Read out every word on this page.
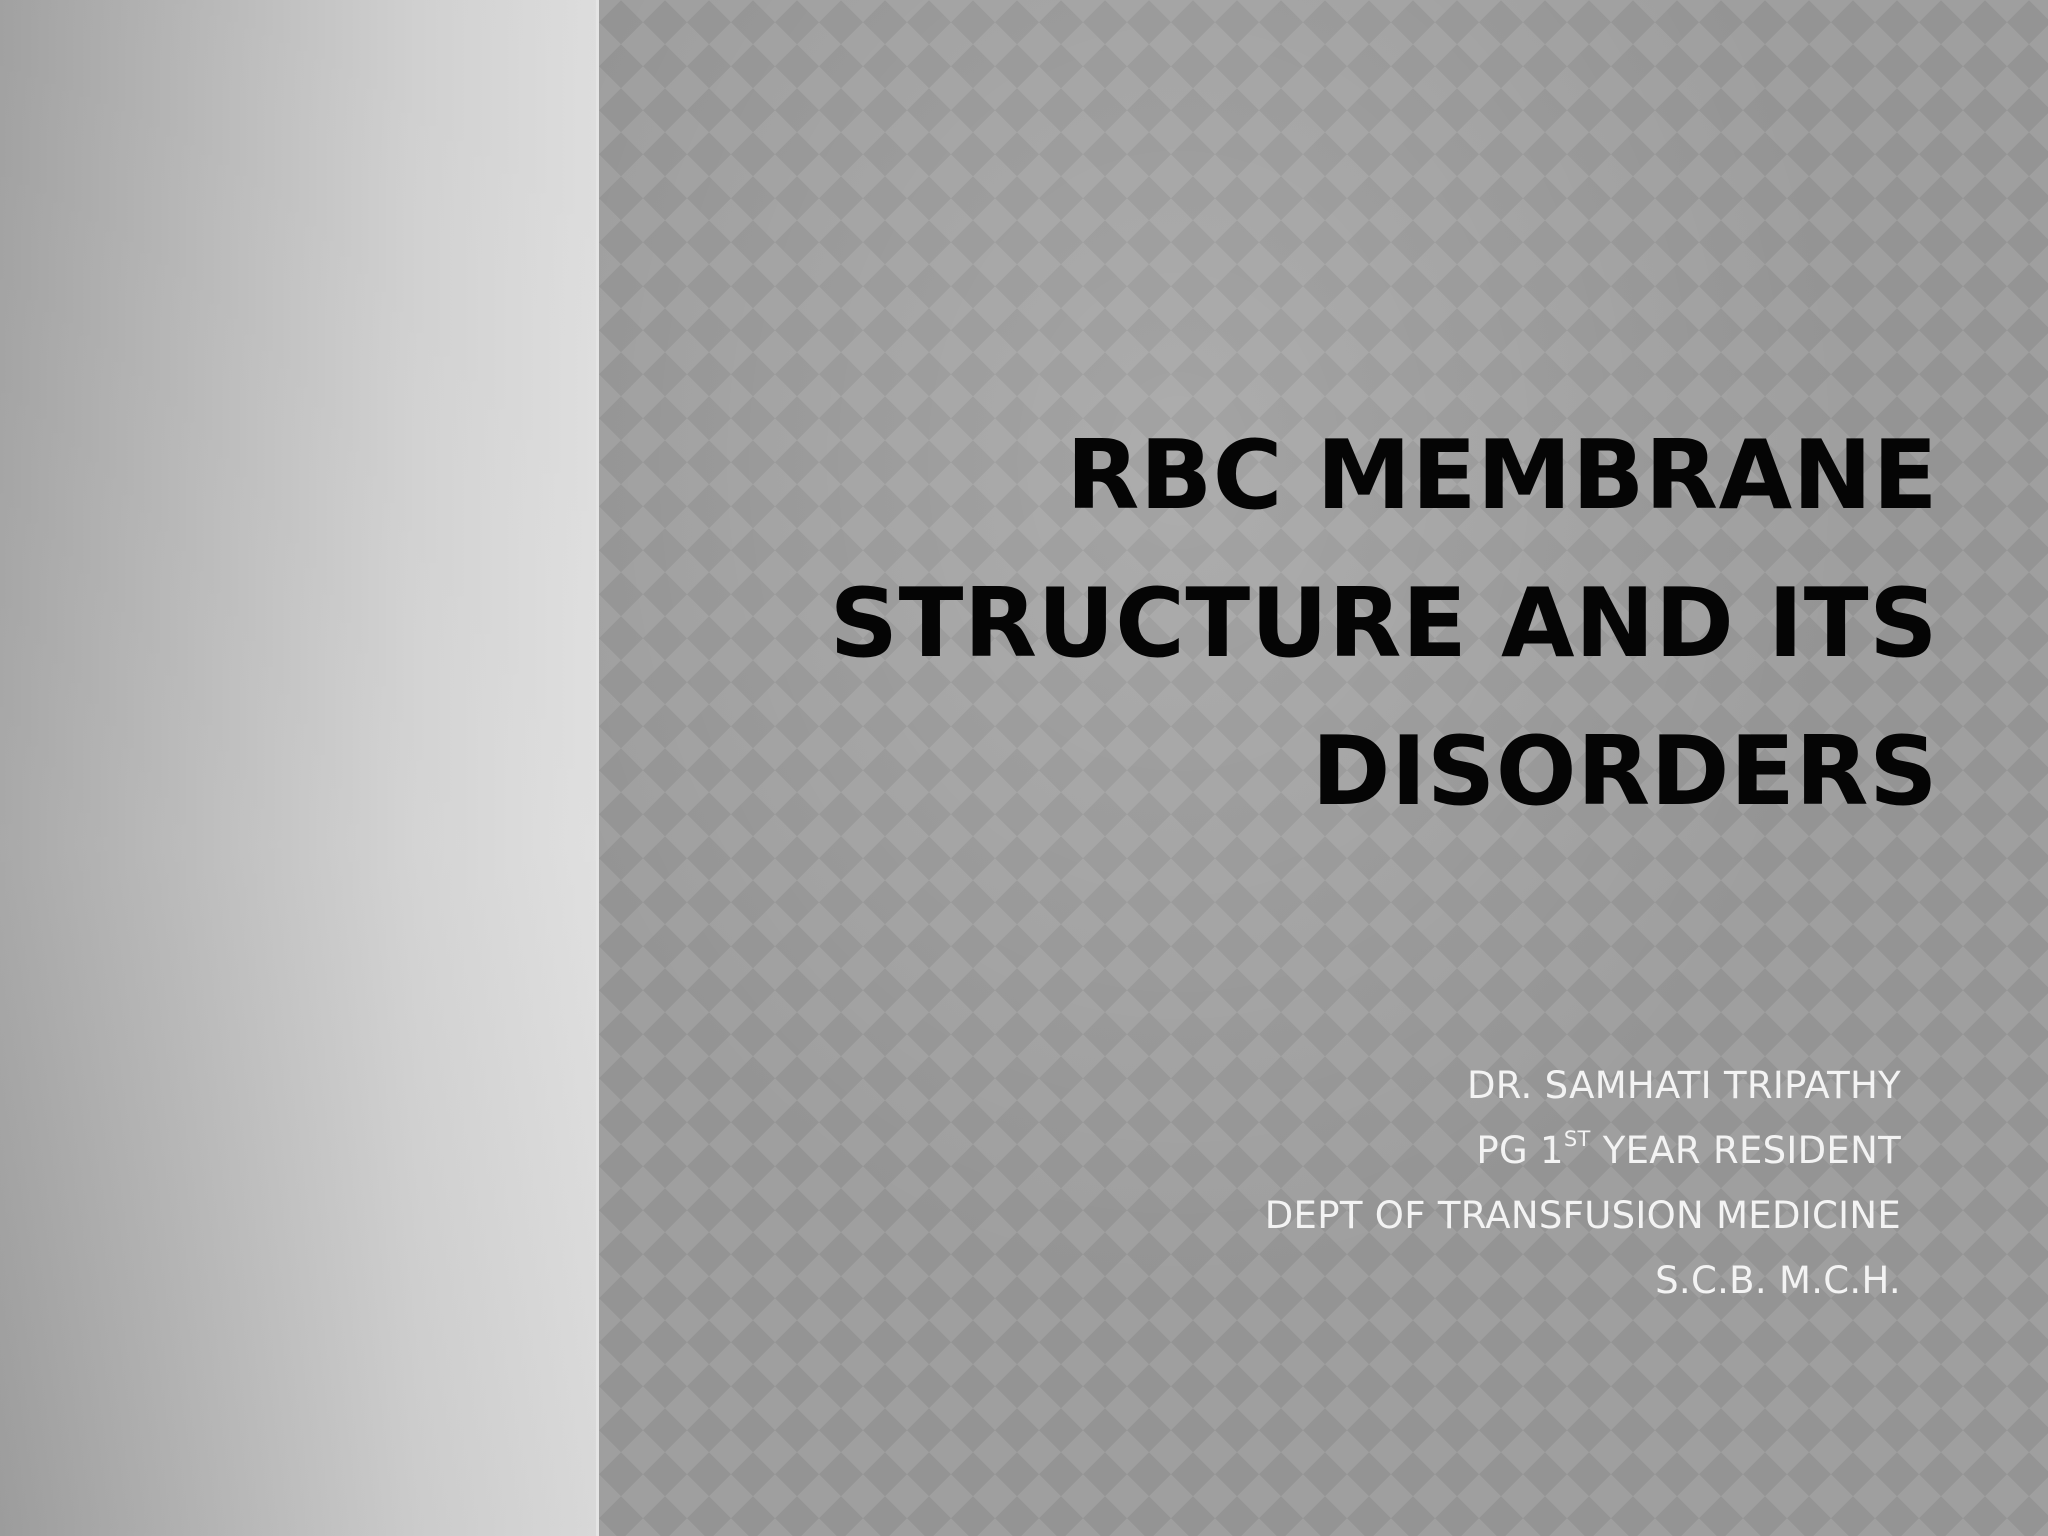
RBC MEMBRANE
STRUCTURE AND ITS
DISORDERS
DR. SAMHATI TRIPATHY
PG 1ST YEAR RESIDENT
DEPT OF TRANSFUSION MEDICINE
S.C.B. M.C.H.
